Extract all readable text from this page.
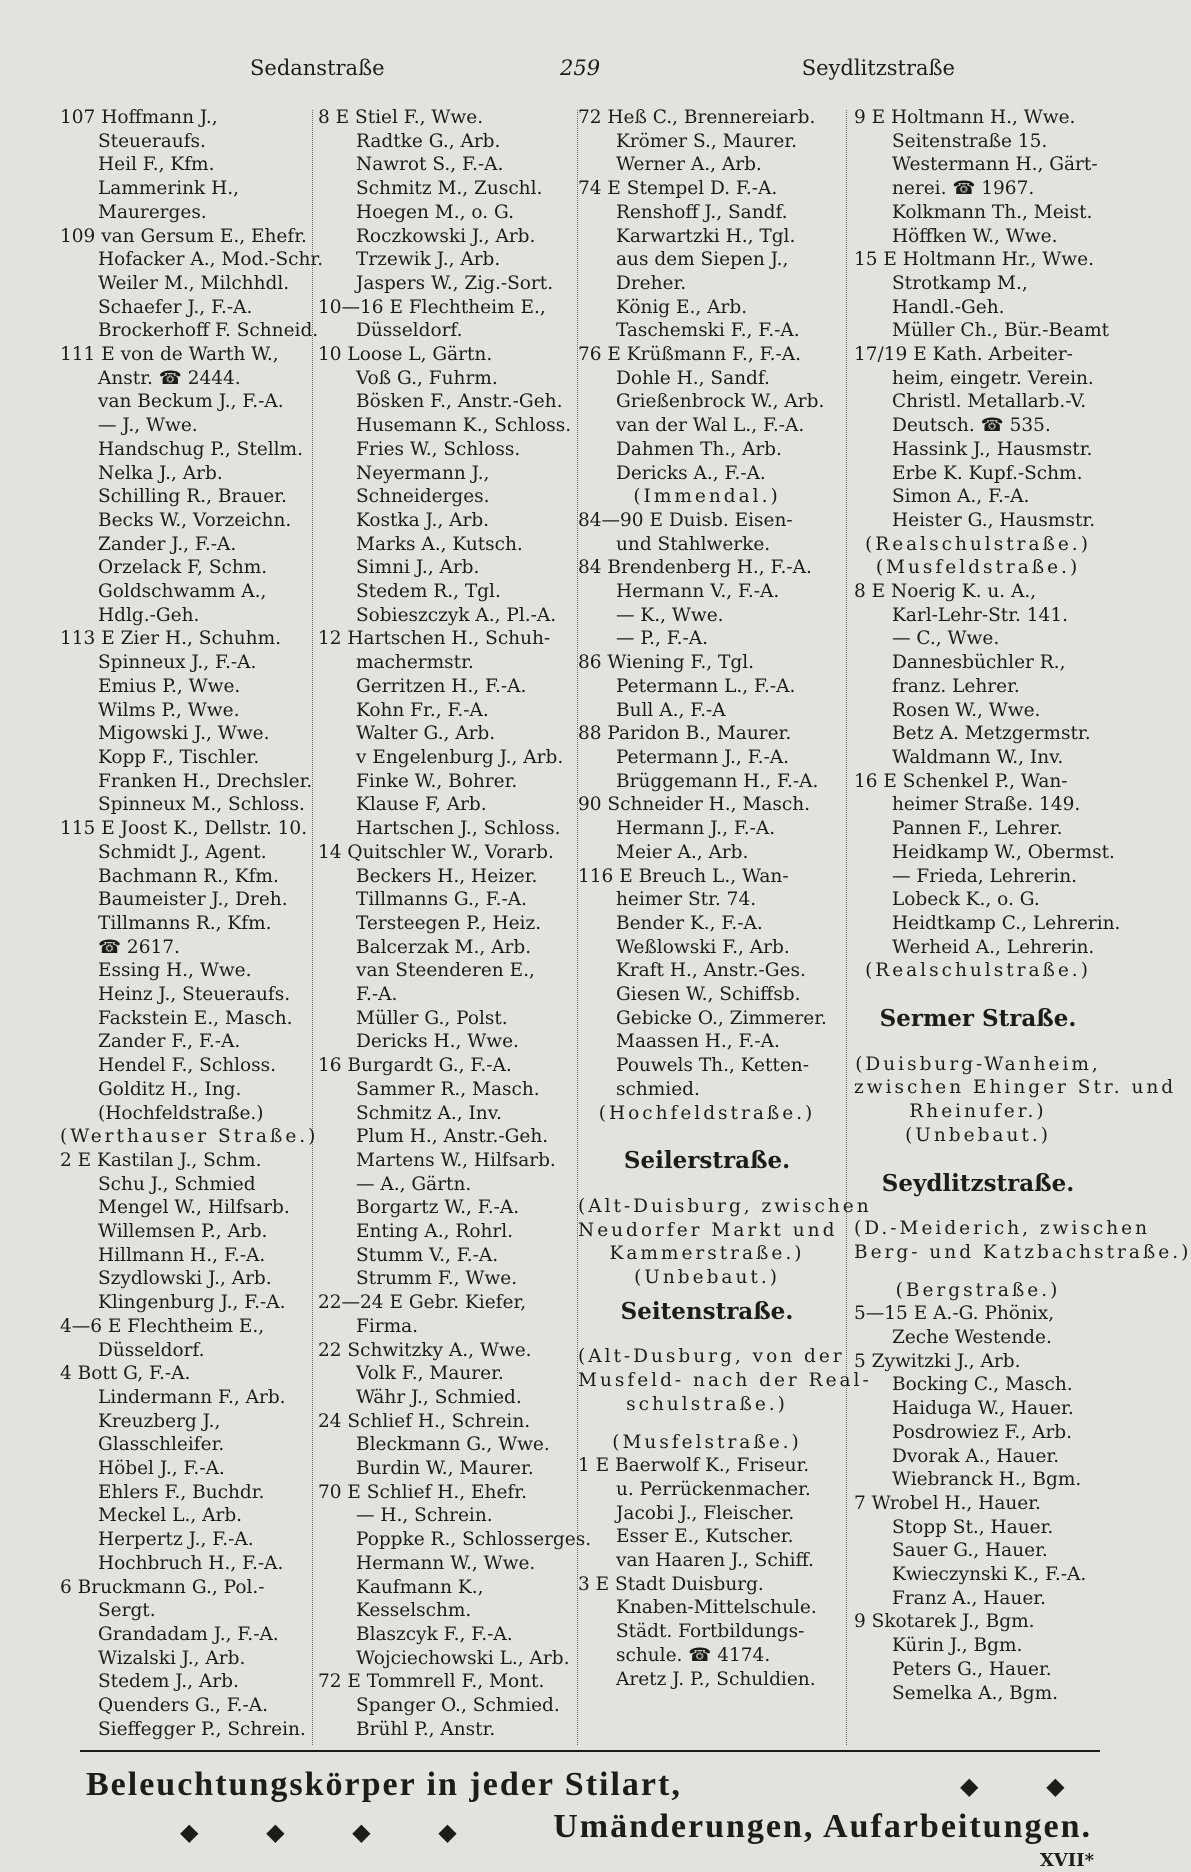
Sedanstraße	259	Seydlitzstraße
107 Hoffmann J.,
Steueraufs.
Heil F., Kfm.
Lammerink H.,
Maurerges.
109 van Gersum E., Ehefr.
Hofacker A., Mod.-Schr.
Weiler M., Milchhdl.
Schaefer J., F.-A.
Brockerhoff F. Schneid.
111 E von de Warth W.,
Anstr. ☎ 2444.
van Beckum J., F.-A.
— J., Wwe.
Handschug P., Stellm.
Nelka J., Arb.
Schilling R., Brauer.
Becks W., Vorzeichn.
Zander J., F.-A.
Orzelack F, Schm.
Goldschwamm A.,
Hdlg.-Geh.
113 E Zier H., Schuhm.
Spinneux J., F.-A.
Emius P., Wwe.
Wilms P., Wwe.
Migowski J., Wwe.
Kopp F., Tischler.
Franken H., Drechsler.
Spinneux M., Schloss.
115 E Joost K., Dellstr. 10.
Schmidt J., Agent.
Bachmann R., Kfm.
Baumeister J., Dreh.
Tillmanns R., Kfm.
☎ 2617.
Essing H., Wwe.
Heinz J., Steueraufs.
Fackstein E., Masch.
Zander F., F.-A.
Hendel F., Schloss.
Golditz H., Ing.
(Hochfeldstraße.)
(Werthauser Straße.)
2 E Kastilan J., Schm.
Schu J., Schmied
Mengel W., Hilfsarb.
Willemsen P., Arb.
Hillmann H., F.-A.
Szydlowski J., Arb.
Klingenburg J., F.-A.
4—6 E Flechtheim E.,
Düsseldorf.
4 Bott G, F.-A.
Lindermann F., Arb.
Kreuzberg J.,
Glasschleifer.
Höbel J., F.-A.
Ehlers F., Buchdr.
Meckel L., Arb.
Herpertz J., F.-A.
Hochbruch H., F.-A.
6 Bruckmann G., Pol.-
Sergt.
Grandadam J., F.-A.
Wizalski J., Arb.
Stedem J., Arb.
Quenders G., F.-A.
Sieffegger P., Schrein.
8 E Stiel F., Wwe.
Radtke G., Arb.
Nawrot S., F.-A.
Schmitz M., Zuschl.
Hoegen M., o. G.
Roczkowski J., Arb.
Trzewik J., Arb.
Jaspers W., Zig.-Sort.
10—16 E Flechtheim E.,
Düsseldorf.
10 Loose L, Gärtn.
Voß G., Fuhrm.
Bösken F., Anstr.-Geh.
Husemann K., Schloss.
Fries W., Schloss.
Neyermann J.,
Schneiderges.
Kostka J., Arb.
Marks A., Kutsch.
Simni J., Arb.
Stedem R., Tgl.
Sobieszczyk A., Pl.-A.
12 Hartschen H., Schuh-
machermstr.
Gerritzen H., F.-A.
Kohn Fr., F.-A.
Walter G., Arb.
v Engelenburg J., Arb.
Finke W., Bohrer.
Klause F, Arb.
Hartschen J., Schloss.
14 Quitschler W., Vorarb.
Beckers H., Heizer.
Tillmanns G., F.-A.
Tersteegen P., Heiz.
Balcerzak M., Arb.
van Steenderen E.,
F.-A.
Müller G., Polst.
Dericks H., Wwe.
16 Burgardt G., F.-A.
Sammer R., Masch.
Schmitz A., Inv.
Plum H., Anstr.-Geh.
Martens W., Hilfsarb.
— A., Gärtn.
Borgartz W., F.-A.
Enting A., Rohrl.
Stumm V., F.-A.
Strumm F., Wwe.
22—24 E Gebr. Kiefer,
Firma.
22 Schwitzky A., Wwe.
Volk F., Maurer.
Währ J., Schmied.
24 Schlief H., Schrein.
Bleckmann G., Wwe.
Burdin W., Maurer.
70 E Schlief H., Ehefr.
— H., Schrein.
Poppke R., Schlosserges.
Hermann W., Wwe.
Kaufmann K.,
Kesselschm.
Blaszcyk F., F.-A.
Wojciechowski L., Arb.
72 E Tommrell F., Mont.
Spanger O., Schmied.
Brühl P., Anstr.
72 Heß C., Brennereiarb.
Krömer S., Maurer.
Werner A., Arb.
74 E Stempel D. F.-A.
Renshoff J., Sandf.
Karwartzki H., Tgl.
aus dem Siepen J.,
Dreher.
König E., Arb.
Taschemski F., F.-A.
76 E Krüßmann F., F.-A.
Dohle H., Sandf.
Grießenbrock W., Arb.
van der Wal L., F.-A.
Dahmen Th., Arb.
Dericks A., F.-A.
(Immendal.)
84—90 E Duisb. Eisen-
und Stahlwerke.
84 Brendenberg H., F.-A.
Hermann V., F.-A.
— K., Wwe.
— P., F.-A.
86 Wiening F., Tgl.
Petermann L., F.-A.
Bull A., F.-A
88 Paridon B., Maurer.
Petermann J., F.-A.
Brüggemann H., F.-A.
90 Schneider H., Masch.
Hermann J., F.-A.
Meier A., Arb.
116 E Breuch L., Wan-
heimer Str. 74.
Bender K., F.-A.
Weßlowski F., Arb.
Kraft H., Anstr.-Ges.
Giesen W., Schiffsb.
Gebicke O., Zimmerer.
Maassen H., F.-A.
Pouwels Th., Ketten-
schmied.
(Hochfeldstraße.)
Seilerstraße.
(Alt-Duisburg, zwischen
Neudorfer Markt und
Kammerstraße.)
(Unbebaut.)
Seitenstraße.
(Alt-Dusburg, von der
Musfeld- nach der Real-
schulstraße.)
(Musfelstraße.)
1 E Baerwolf K., Friseur.
u. Perrückenmacher.
Jacobi J., Fleischer.
Esser E., Kutscher.
van Haaren J., Schiff.
3 E Stadt Duisburg.
Knaben-Mittelschule.
Städt. Fortbildungs-
schule. ☎ 4174.
Aretz J. P., Schuldien.
9 E Holtmann H., Wwe.
Seitenstraße 15.
Westermann H., Gärt-
nerei. ☎ 1967.
Kolkmann Th., Meist.
Höffken W., Wwe.
15 E Holtmann Hr., Wwe.
Strotkamp M.,
Handl.-Geh.
Müller Ch., Bür.-Beamt
17/19 E Kath. Arbeiter-
heim, eingetr. Verein.
Christl. Metallarb.-V.
Deutsch. ☎ 535.
Hassink J., Hausmstr.
Erbe K. Kupf.-Schm.
Simon A., F.-A.
Heister G., Hausmstr.
(Realschulstraße.)
(Musfeldstraße.)
8 E Noerig K. u. A.,
Karl-Lehr-Str. 141.
— C., Wwe.
Dannesbüchler R.,
franz. Lehrer.
Rosen W., Wwe.
Betz A. Metzgermstr.
Waldmann W., Inv.
16 E Schenkel P., Wan-
heimer Straße. 149.
Pannen F., Lehrer.
Heidkamp W., Obermst.
— Frieda, Lehrerin.
Lobeck K., o. G.
Heidtkamp C., Lehrerin.
Werheid A., Lehrerin.
(Realschulstraße.)
Sermer Straße.
(Duisburg-Wanheim,
zwischen Ehinger Str. und
Rheinufer.)
(Unbebaut.)
Seydlitzstraße.
(D.-Meiderich, zwischen
Berg- und Katzbachstraße.)
(Bergstraße.)
5—15 E A.-G. Phönix,
Zeche Westende.
5 Zywitzki J., Arb.
Bocking C., Masch.
Haiduga W., Hauer.
Posdrowiez F., Arb.
Dvorak A., Hauer.
Wiebranck H., Bgm.
7 Wrobel H., Hauer.
Stopp St., Hauer.
Sauer G., Hauer.
Kwieczynski K., F.-A.
Franz A., Hauer.
9 Skotarek J., Bgm.
Kürin J., Bgm.
Peters G., Hauer.
Semelka A., Bgm.
Beleuchtungskörper in jeder Stilart,	◆ ◆
◆ ◆ ◆ ◆ Umänderungen, Aufarbeitungen.
XVII*
